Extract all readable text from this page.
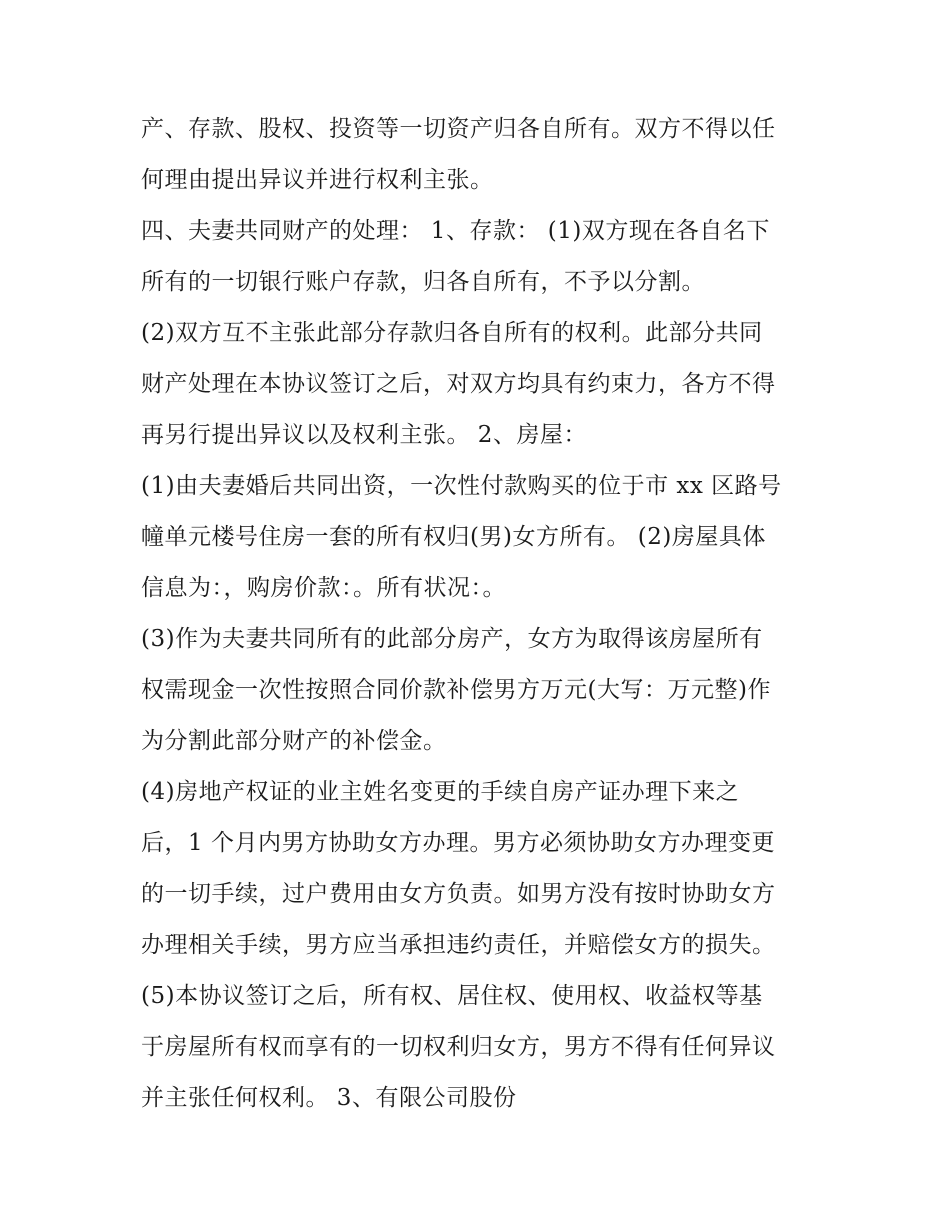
产、存款、股权、投资等一切资产归各自所有。双方不得以任
何理由提出异议并进行权利主张。
四、夫妻共同财产的处理： 1、存款： (1)双方现在各自名下
所有的一切银行账户存款，归各自所有，不予以分割。
(2)双方互不主张此部分存款归各自所有的权利。此部分共同
财产处理在本协议签订之后，对双方均具有约束力，各方不得
再另行提出异议以及权利主张。 2、房屋：
(1)由夫妻婚后共同出资，一次性付款购买的位于市 xx 区路号
幢单元楼号住房一套的所有权归(男)女方所有。 (2)房屋具体
信息为：，购房价款：。所有状况：。
(3)作为夫妻共同所有的此部分房产，女方为取得该房屋所有
权需现金一次性按照合同价款补偿男方万元(大写：万元整)作
为分割此部分财产的补偿金。
(4)房地产权证的业主姓名变更的手续自房产证办理下来之
后，1 个月内男方协助女方办理。男方必须协助女方办理变更
的一切手续，过户费用由女方负责。如男方没有按时协助女方
办理相关手续，男方应当承担违约责任，并赔偿女方的损失。
(5)本协议签订之后，所有权、居住权、使用权、收益权等基
于房屋所有权而享有的一切权利归女方，男方不得有任何异议
并主张任何权利。 3、有限公司股份
